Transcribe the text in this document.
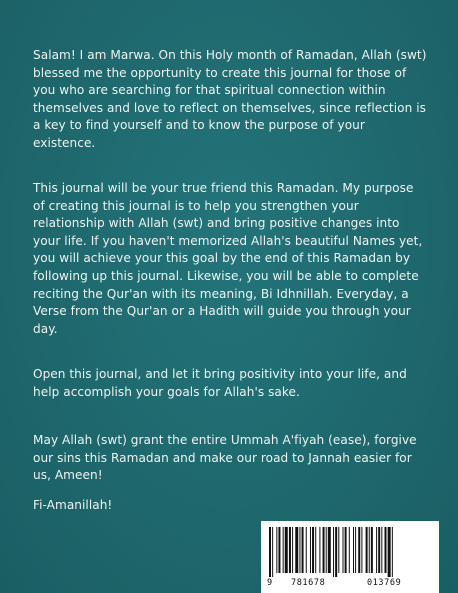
Salam! I am Marwa. On this Holy month of Ramadan, Allah (swt) blessed me the opportunity to create this journal for those of you who are searching for that spiritual connection within themselves and love to reflect on themselves, since reflection is a key to find yourself and to know the purpose of your existence.

This journal will be your true friend this Ramadan. My purpose of creating this journal is to help you strengthen your relationship with Allah (swt) and bring positive changes into your life. If you haven't memorized Allah's beautiful Names yet, you will achieve your this goal by the end of this Ramadan by following up this journal. Likewise, you will be able to complete reciting the Qur'an with its meaning, Bi Idhnillah. Everyday, a Verse from the Qur'an or a Hadith will guide you through your day.

Open this journal, and let it bring positivity into your life, and help accomplish your goals for Allah's sake.

May Allah (swt) grant the entire Ummah A'fiyah (ease), forgive our sins this Ramadan and make our road to Jannah easier for us, Ameen!

Fi-Amanillah!

9 781678	013769
